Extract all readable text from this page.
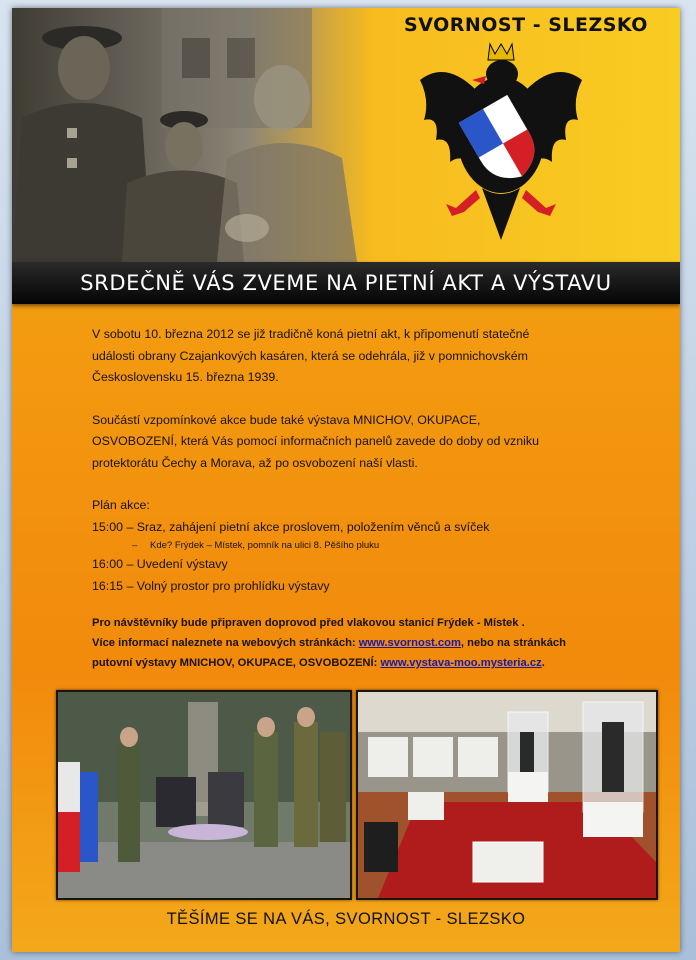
SVORNOST - SLEZSKO
SRDEČNĚ VÁS ZVEME NA PIETNÍ AKT A VÝSTAVU

V sobotu 10. března 2012 se již tradičně koná pietní akt, k připomenutí statečné

události obrany Czajankových kasáren, která se odehrála, již v pomnichovském

Československu 15. března 1939.

Součástí vzpomínkové akce bude také výstava MNICHOV, OKUPACE,

OSVOBOZENÍ, která Vás pomocí informačních panelů zavede do doby od vzniku

protektorátu Čechy a Morava, až po osvobození naší vlasti.

Plán akce:

15:00 – Sraz, zahájení pietní akce proslovem, položením věnců a svíček

– Kde? Frýdek – Místek, pomník na ulici 8. Pěšího pluku

16:00 – Uvedení výstavy

16:15 – Volný prostor pro prohlídku výstavy

Pro návštěvníky bude připraven doprovod před vlakovou stanicí Frýdek - Místek .

Více informací naleznete na webových stránkách: www.svornost.com, nebo na stránkách

putovní výstavy MNICHOV, OKUPACE, OSVOBOZENÍ: www.vystava-moo.mysteria.cz.

TĚŠÍME SE NA VÁS, SVORNOST - SLEZSKO
